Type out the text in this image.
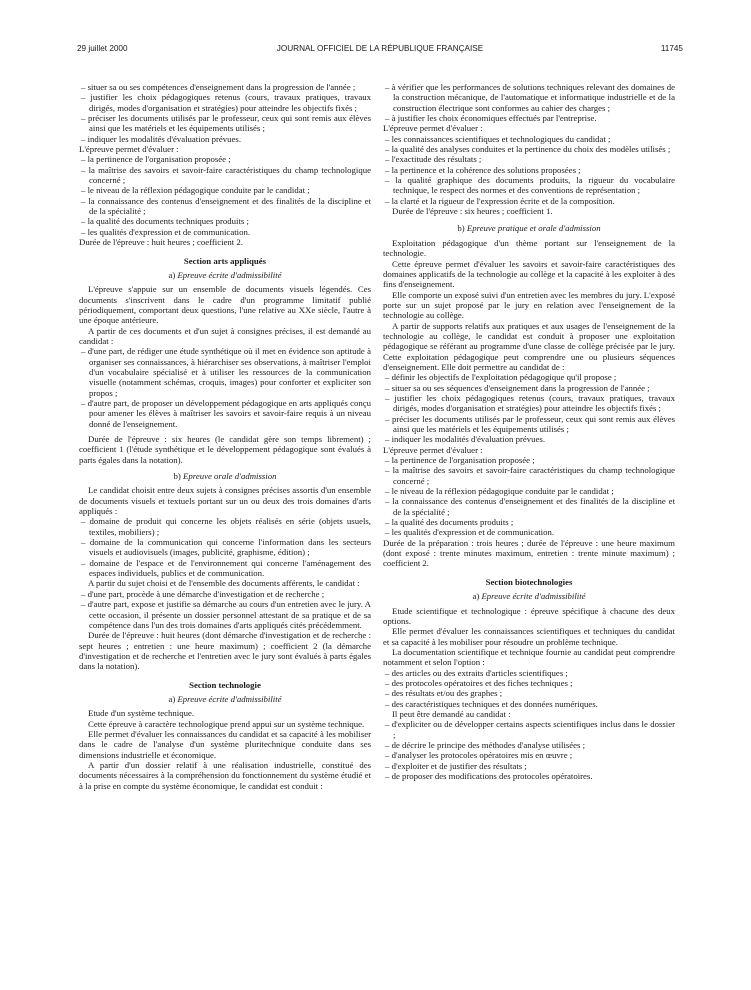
29 juillet 2000	JOURNAL OFFICIEL DE LA RÉPUBLIQUE FRANÇAISE	11745

– situer sa ou ses compétences d'enseignement dans la progression de l'année ;

– justifier les choix pédagogiques retenus (cours, travaux pratiques, travaux dirigés, modes d'organisation et stratégies) pour atteindre les objectifs fixés ;

– préciser les documents utilisés par le professeur, ceux qui sont remis aux élèves ainsi que les matériels et les équipements utilisés ;

– indiquer les modalités d'évaluation prévues.

L'épreuve permet d'évaluer :

– la pertinence de l'organisation proposée ;

– la maîtrise des savoirs et savoir-faire caractéristiques du champ technologique concerné ;

– le niveau de la réflexion pédagogique conduite par le candidat ;

– la connaissance des contenus d'enseignement et des finalités de la discipline et de la spécialité ;

– la qualité des documents techniques produits ;

– les qualités d'expression et de communication.

Durée de l'épreuve : huit heures ; coefficient 2.

Section arts appliqués

a) Epreuve écrite d'admissibilité

L'épreuve s'appuie sur un ensemble de documents visuels légendés. Ces documents s'inscrivent dans le cadre d'un programme limitatif publié périodiquement, comportant deux questions, l'une relative au XXe siècle, l'autre à une époque antérieure.

A partir de ces documents et d'un sujet à consignes précises, il est demandé au candidat :

– d'une part, de rédiger une étude synthétique où il met en évidence son aptitude à organiser ses connaissances, à hiérarchiser ses observations, à maîtriser l'emploi d'un vocabulaire spécialisé et à utiliser les ressources de la communication visuelle (notamment schémas, croquis, images) pour conforter et expliciter son propos ;

– d'autre part, de proposer un développement pédagogique en arts appliqués conçu pour amener les élèves à maîtriser les savoirs et savoir-faire requis à un niveau donné de l'enseignement.

Durée de l'épreuve : six heures (le candidat gère son temps librement) ; coefficient 1 (l'étude synthétique et le développement pédagogique sont évalués à parts égales dans la notation).

b) Epreuve orale d'admission

Le candidat choisit entre deux sujets à consignes précises assortis d'un ensemble de documents visuels et textuels portant sur un ou deux des trois domaines d'arts appliqués :

– domaine de produit qui concerne les objets réalisés en série (objets usuels, textiles, mobiliers) ;

– domaine de la communication qui concerne l'information dans les secteurs visuels et audiovisuels (images, publicité, graphisme, édition) ;

– domaine de l'espace et de l'environnement qui concerne l'aménagement des espaces individuels, publics et de communication.

A partir du sujet choisi et de l'ensemble des documents afférents, le candidat :

– d'une part, procède à une démarche d'investigation et de recherche ;

– d'autre part, expose et justifie sa démarche au cours d'un entretien avec le jury. A cette occasion, il présente un dossier personnel attestant de sa pratique et de sa compétence dans l'un des trois domaines d'arts appliqués cités précédemment.

Durée de l'épreuve : huit heures (dont démarche d'investigation et de recherche : sept heures ; entretien : une heure maximum) ; coefficient 2 (la démarche d'investigation et de recherche et l'entretien avec le jury sont évalués à parts égales dans la notation).

Section technologie

a) Epreuve écrite d'admissibilité

Etude d'un système technique.

Cette épreuve à caractère technologique prend appui sur un système technique.

Elle permet d'évaluer les connaissances du candidat et sa capacité à les mobiliser dans le cadre de l'analyse d'un système pluritechnique conduite dans ses dimensions industrielle et économique.

A partir d'un dossier relatif à une réalisation industrielle, constitué des documents nécessaires à la compréhension du fonctionnement du système étudié et à la prise en compte du système économique, le candidat est conduit :

– à vérifier que les performances de solutions techniques relevant des domaines de la construction mécanique, de l'automatique et informatique industrielle et de la construction électrique sont conformes au cahier des charges ;

– à justifier les choix économiques effectués par l'entreprise.

L'épreuve permet d'évaluer :

– les connaissances scientifiques et technologiques du candidat ;

– la qualité des analyses conduites et la pertinence du choix des modèles utilisés ;

– l'exactitude des résultats ;

– la pertinence et la cohérence des solutions proposées ;

– la qualité graphique des documents produits, la rigueur du vocabulaire technique, le respect des normes et des conventions de représentation ;

– la clarté et la rigueur de l'expression écrite et de la composition.

Durée de l'épreuve : six heures ; coefficient 1.

b) Epreuve pratique et orale d'admission

Exploitation pédagogique d'un thème portant sur l'enseignement de la technologie.

Cette épreuve permet d'évaluer les savoirs et savoir-faire caractéristiques des domaines applicatifs de la technologie au collège et la capacité à les exploiter à des fins d'enseignement.

Elle comporte un exposé suivi d'un entretien avec les membres du jury. L'exposé porte sur un sujet proposé par le jury en relation avec l'enseignement de la technologie au collège.

A partir de supports relatifs aux pratiques et aux usages de l'enseignement de la technologie au collège, le candidat est conduit à proposer une exploitation pédagogique se référant au programme d'une classe de collège précisée par le jury. Cette exploitation pédagogique peut comprendre une ou plusieurs séquences d'enseignement. Elle doit permettre au candidat de :

– définir les objectifs de l'exploitation pédagogique qu'il propose ;

– situer sa ou ses séquences d'enseignement dans la progression de l'année ;

– justifier les choix pédagogiques retenus (cours, travaux pratiques, travaux dirigés, modes d'organisation et stratégies) pour atteindre les objectifs fixés ;

– préciser les documents utilisés par le professeur, ceux qui sont remis aux élèves ainsi que les matériels et les équipements utilisés ;

– indiquer les modalités d'évaluation prévues.

L'épreuve permet d'évaluer :

– la pertinence de l'organisation proposée ;

– la maîtrise des savoirs et savoir-faire caractéristiques du champ technologique concerné ;

– le niveau de la réflexion pédagogique conduite par le candidat ;

– la connaissance des contenus d'enseignement et des finalités de la discipline et de la spécialité ;

– la qualité des documents produits ;

– les qualités d'expression et de communication.

Durée de la préparation : trois heures ; durée de l'épreuve : une heure maximum (dont exposé : trente minutes maximum, entretien : trente minute maximum) ; coefficient 2.

Section biotechnologies

a) Epreuve écrite d'admissibilité

Etude scientifique et technologique : épreuve spécifique à chacune des deux options.

Elle permet d'évaluer les connaissances scientifiques et techniques du candidat et sa capacité à les mobiliser pour résoudre un problème technique.

La documentation scientifique et technique fournie au candidat peut comprendre notamment et selon l'option :

– des articles ou des extraits d'articles scientifiques ;

– des protocoles opératoires et des fiches techniques ;

– des résultats et/ou des graphes ;

– des caractéristiques techniques et des données numériques.

Il peut être demandé au candidat :

– d'expliciter ou de développer certains aspects scientifiques inclus dans le dossier ;

– de décrire le principe des méthodes d'analyse utilisées ;

– d'analyser les protocoles opératoires mis en œuvre ;

– d'exploiter et de justifier des résultats ;

– de proposer des modifications des protocoles opératoires.
